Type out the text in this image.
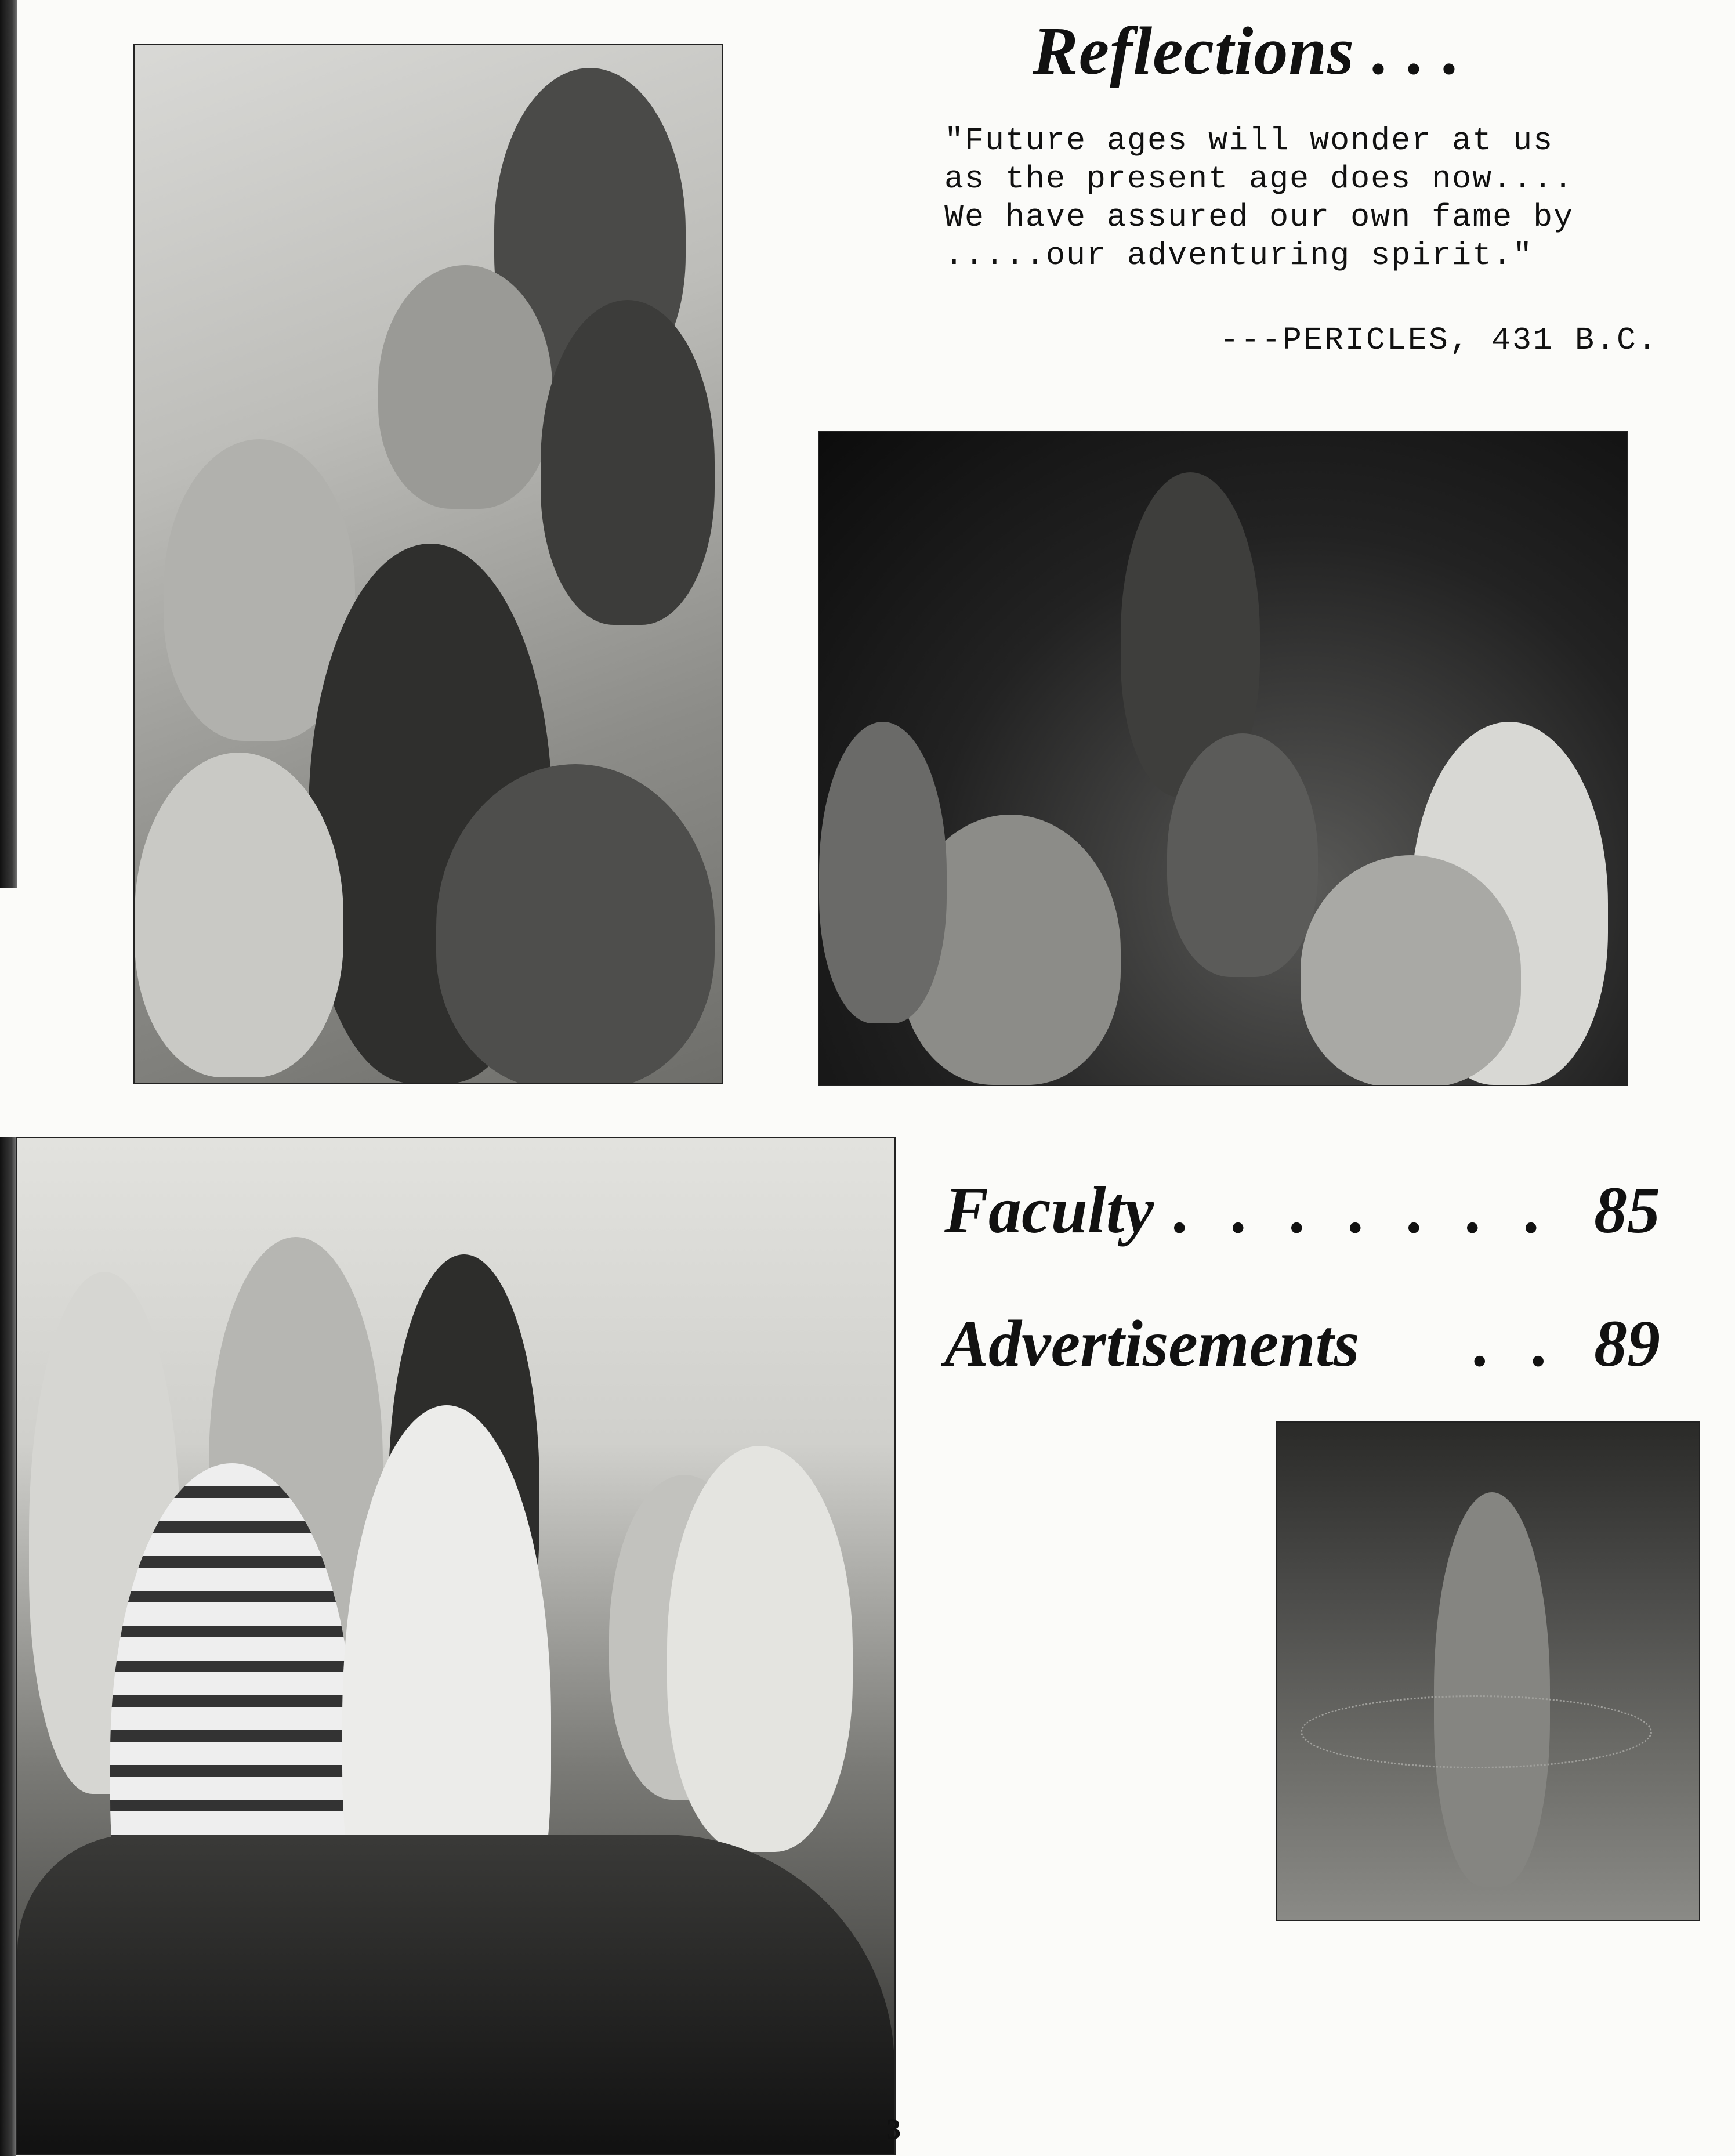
Reflections . . .
"Future ages will wonder at us
as the present age does now....
We have assured our own fame by
.....our adventuring spirit."
---PERICLES, 431 B.C.
Faculty . . . . . . . 85
Advertisements	. . 89
3
